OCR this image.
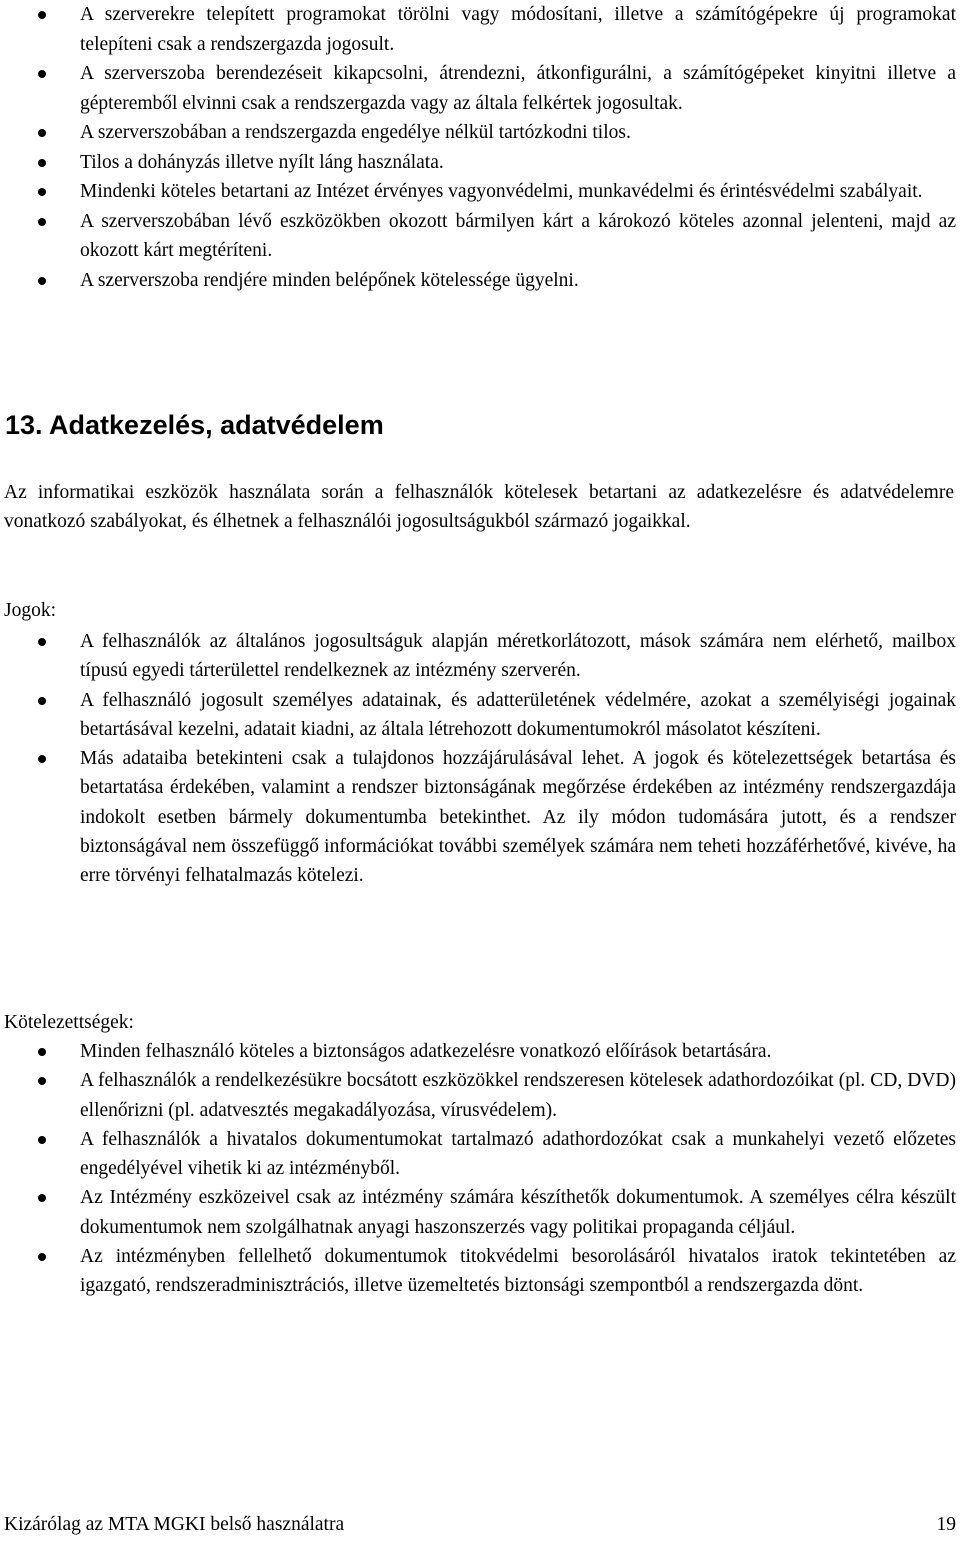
A szerverekre telepített programokat törölni vagy módosítani, illetve a számítógépekre új programokat telepíteni csak a rendszergazda jogosult.
A szerverszoba berendezéseit kikapcsolni, átrendezni, átkonfigurálni, a számítógépeket kinyitni illetve a gépteremből elvinni csak a rendszergazda vagy az általa felkértek jogosultak.
A szerverszobában a rendszergazda engedélye nélkül tartózkodni tilos.
Tilos a dohányzás illetve nyílt láng használata.
Mindenki köteles betartani az Intézet érvényes vagyonvédelmi, munkavédelmi és érintésvédelmi szabályait.
A szerverszobában lévő eszközökben okozott bármilyen kárt a károkozó köteles azonnal jelenteni, majd az okozott kárt megtéríteni.
A szerverszoba rendjére minden belépőnek kötelessége ügyelni.
13. Adatkezelés, adatvédelem

Az informatikai eszközök használata során a felhasználók kötelesek betartani az adatkezelésre és adatvédelemre vonatkozó szabályokat, és élhetnek a felhasználói jogosultságukból származó jogaikkal.

Jogok:

A felhasználók az általános jogosultságuk alapján méretkorlátozott, mások számára nem elérhető, mailbox típusú egyedi tárterülettel rendelkeznek az intézmény szerverén.
A felhasználó jogosult személyes adatainak, és adatterületének védelmére, azokat a személyiségi jogainak betartásával kezelni, adatait kiadni, az általa létrehozott dokumentumokról másolatot készíteni.
Más adataiba betekinteni csak a tulajdonos hozzájárulásával lehet. A jogok és kötelezettségek betartása és betartatása érdekében, valamint a rendszer biztonságának megőrzése érdekében az intézmény rendszergazdája indokolt esetben bármely dokumentumba betekinthet. Az ily módon tudomására jutott, és a rendszer biztonságával nem összefüggő információkat további személyek számára nem teheti hozzáférhetővé, kivéve, ha erre törvényi felhatalmazás kötelezi.

Kötelezettségek:

Minden felhasználó köteles a biztonságos adatkezelésre vonatkozó előírások betartására.
A felhasználók a rendelkezésükre bocsátott eszközökkel rendszeresen kötelesek adathordozóikat (pl. CD, DVD) ellenőrizni (pl. adatvesztés megakadályozása, vírusvédelem).
A felhasználók a hivatalos dokumentumokat tartalmazó adathordozókat csak a munkahelyi vezető előzetes engedélyével vihetik ki az intézményből.
Az Intézmény eszközeivel csak az intézmény számára készíthetők dokumentumok. A személyes célra készült dokumentumok nem szolgálhatnak anyagi haszonszerzés vagy politikai propaganda céljául.
Az intézményben fellelhető dokumentumok titokvédelmi besorolásáról hivatalos iratok tekintetében az igazgató, rendszeradminisztrációs, illetve üzemeltetés biztonsági szempontból a rendszergazda dönt.
Kizárólag az MTA MGKI belső használatra	19
